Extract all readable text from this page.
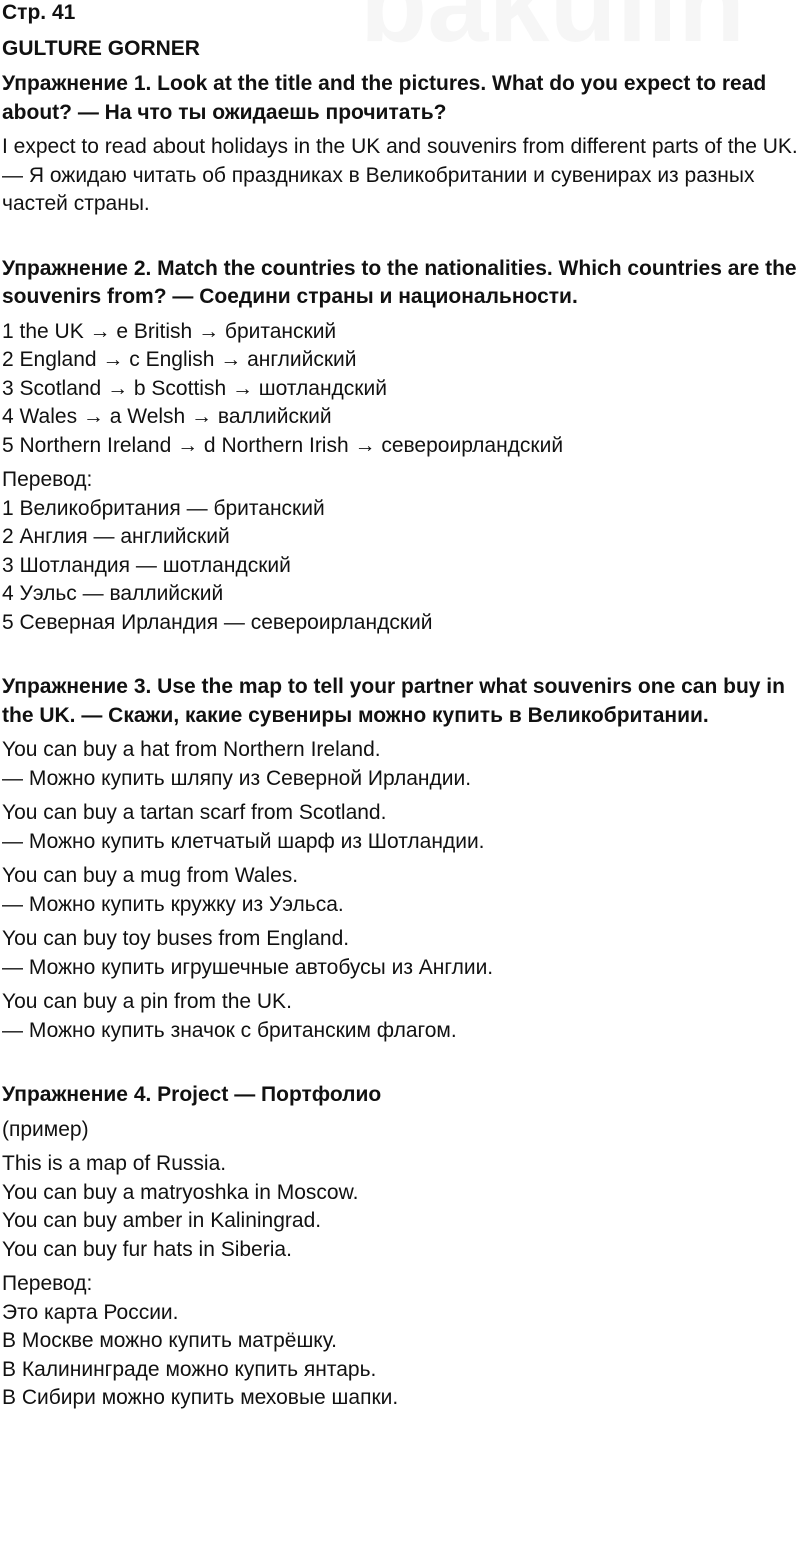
Стр. 41
GULTURE GORNER
Упражнение 1. Look at the title and the pictures. What do you expect to read about? — На что ты ожидаешь прочитать?
I expect to read about holidays in the UK and souvenirs from different parts of the UK.
— Я ожидаю читать об праздниках в Великобритании и сувенирах из разных частей страны.
Упражнение 2. Match the countries to the nationalities. Which countries are the souvenirs from? — Соедини страны и национальности.
1 the UK → e British → британский
2 England → c English → английский
3 Scotland → b Scottish → шотландский
4 Wales → a Welsh → валлийский
5 Northern Ireland → d Northern Irish → североирландский
Перевод:
1 Великобритания — британский
2 Англия — английский
3 Шотландия — шотландский
4 Уэльс — валлийский
5 Северная Ирландия — североирландский
Упражнение 3. Use the map to tell your partner what souvenirs one can buy in the UK. — Скажи, какие сувениры можно купить в Великобритании.
You can buy a hat from Northern Ireland.
— Можно купить шляпу из Северной Ирландии.
You can buy a tartan scarf from Scotland.
— Можно купить клетчатый шарф из Шотландии.
You can buy a mug from Wales.
— Можно купить кружку из Уэльса.
You can buy toy buses from England.
— Можно купить игрушечные автобусы из Англии.
You can buy a pin from the UK.
— Можно купить значок с британским флагом.
Упражнение 4. Project — Портфолио
(пример)
This is a map of Russia.
You can buy a matryoshka in Moscow.
You can buy amber in Kaliningrad.
You can buy fur hats in Siberia.
Перевод:
Это карта России.
В Москве можно купить матрёшку.
В Калининграде можно купить янтарь.
В Сибири можно купить меховые шапки.
